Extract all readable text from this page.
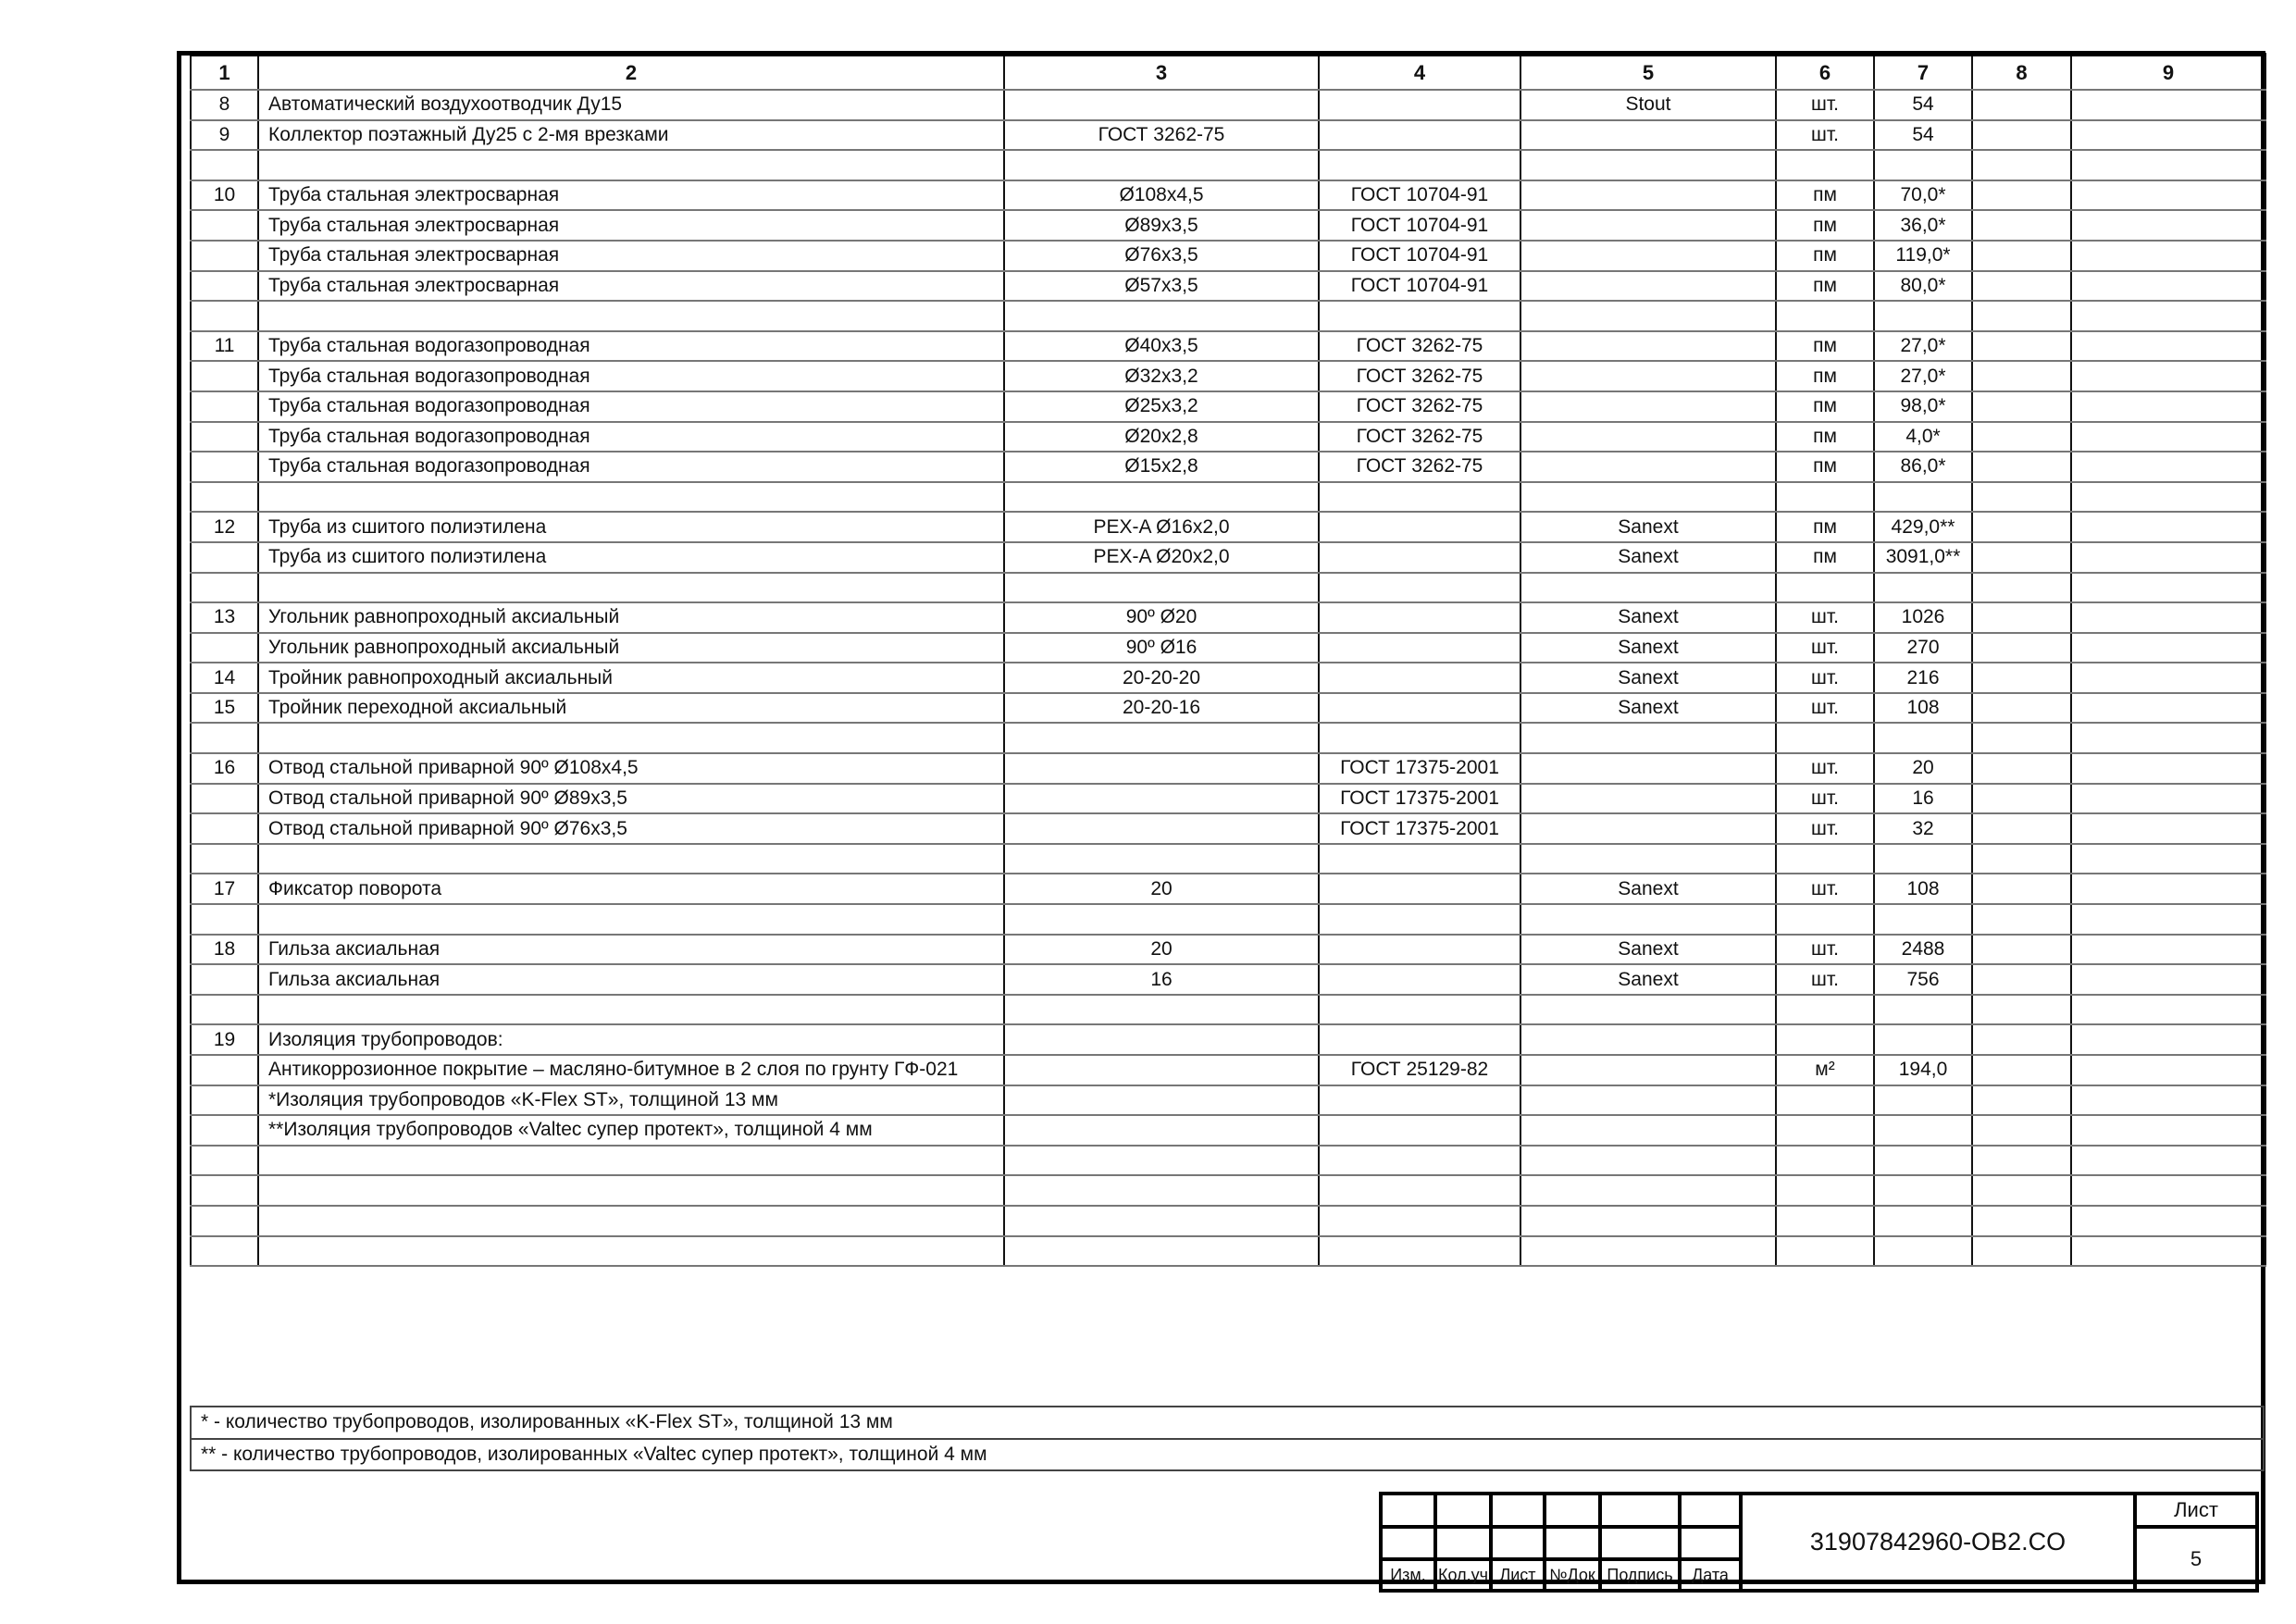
1	2	3	4	5	6	7	8	9
8	Автоматический воздухоотводчик Ду15			Stout	шт.	54		
9	Коллектор поэтажный Ду25 с 2-мя врезками	ГОСТ 3262-75			шт.	54		

10	Труба стальная электросварная	Ø108x4,5	ГОСТ 10704-91		пм	70,0*		
	Труба стальная электросварная	Ø89x3,5	ГОСТ 10704-91		пм	36,0*		
	Труба стальная электросварная	Ø76x3,5	ГОСТ 10704-91		пм	119,0*		
	Труба стальная электросварная	Ø57x3,5	ГОСТ 10704-91		пм	80,0*		

11	Труба стальная водогазопроводная	Ø40x3,5	ГОСТ 3262-75		пм	27,0*		
	Труба стальная водогазопроводная	Ø32x3,2	ГОСТ 3262-75		пм	27,0*		
	Труба стальная водогазопроводная	Ø25x3,2	ГОСТ 3262-75		пм	98,0*		
	Труба стальная водогазопроводная	Ø20x2,8	ГОСТ 3262-75		пм	4,0*		
	Труба стальная водогазопроводная	Ø15x2,8	ГОСТ 3262-75		пм	86,0*		

12	Труба из сшитого полиэтилена	PEX-A Ø16x2,0		Sanext	пм	429,0**		
	Труба из сшитого полиэтилена	PEX-A Ø20x2,0		Sanext	пм	3091,0**		

13	Угольник равнопроходный аксиальный	90º Ø20		Sanext	шт.	1026		
	Угольник равнопроходный аксиальный	90º Ø16		Sanext	шт.	270		
14	Тройник равнопроходный аксиальный	20-20-20		Sanext	шт.	216		
15	Тройник переходной аксиальный	20-20-16		Sanext	шт.	108		

16	Отвод стальной приварной 90º Ø108x4,5		ГОСТ 17375-2001		шт.	20		
	Отвод стальной приварной 90º Ø89x3,5		ГОСТ 17375-2001		шт.	16		
	Отвод стальной приварной 90º Ø76x3,5		ГОСТ 17375-2001		шт.	32		

17	Фиксатор поворота	20		Sanext	шт.	108		

18	Гильза аксиальная	20		Sanext	шт.	2488		
	Гильза аксиальная	16		Sanext	шт.	756		

19	Изоляция трубопроводов:							
	Антикоррозионное покрытие – масляно-битумное в 2 слоя по грунту ГФ-021		ГОСТ 25129-82		м²	194,0		
	*Изоляция трубопроводов «K-Flex ST», толщиной 13 мм							
	**Изоляция трубопроводов «Valtec супер протект», толщиной 4 мм							

* - количество трубопроводов, изолированных «K-Flex ST», толщиной 13 мм
** - количество трубопроводов, изолированных «Valtec супер протект», толщиной 4 мм
						31907842960-OB2.CO	Лист
							5
Изм.	Кол.уч	Лист	№Док	Подпись	Дата		
